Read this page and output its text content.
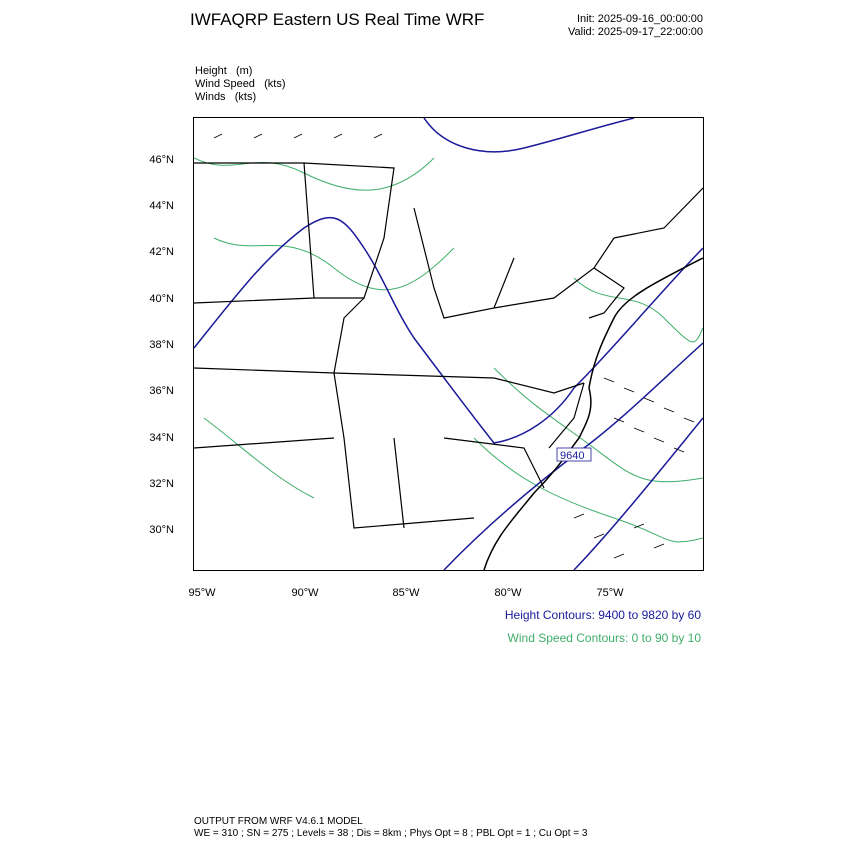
IWFAQRP Eastern US Real Time WRF	Init: 2025-09-16_00:00:00
Valid: 2025-09-17_22:00:00
Height   (m)
Wind Speed   (kts)
Winds   (kts)
9640
46°N
44°N
42°N
40°N
38°N
36°N
34°N
32°N
30°N
95°W	90°W	85°W	80°W	75°W
Height Contours: 9400 to 9820 by 60
Wind Speed Contours: 0 to 90 by 10
OUTPUT FROM WRF V4.6.1 MODEL
WE = 310 ; SN = 275 ; Levels = 38 ; Dis = 8km ; Phys Opt = 8 ; PBL Opt = 1 ; Cu Opt = 3
